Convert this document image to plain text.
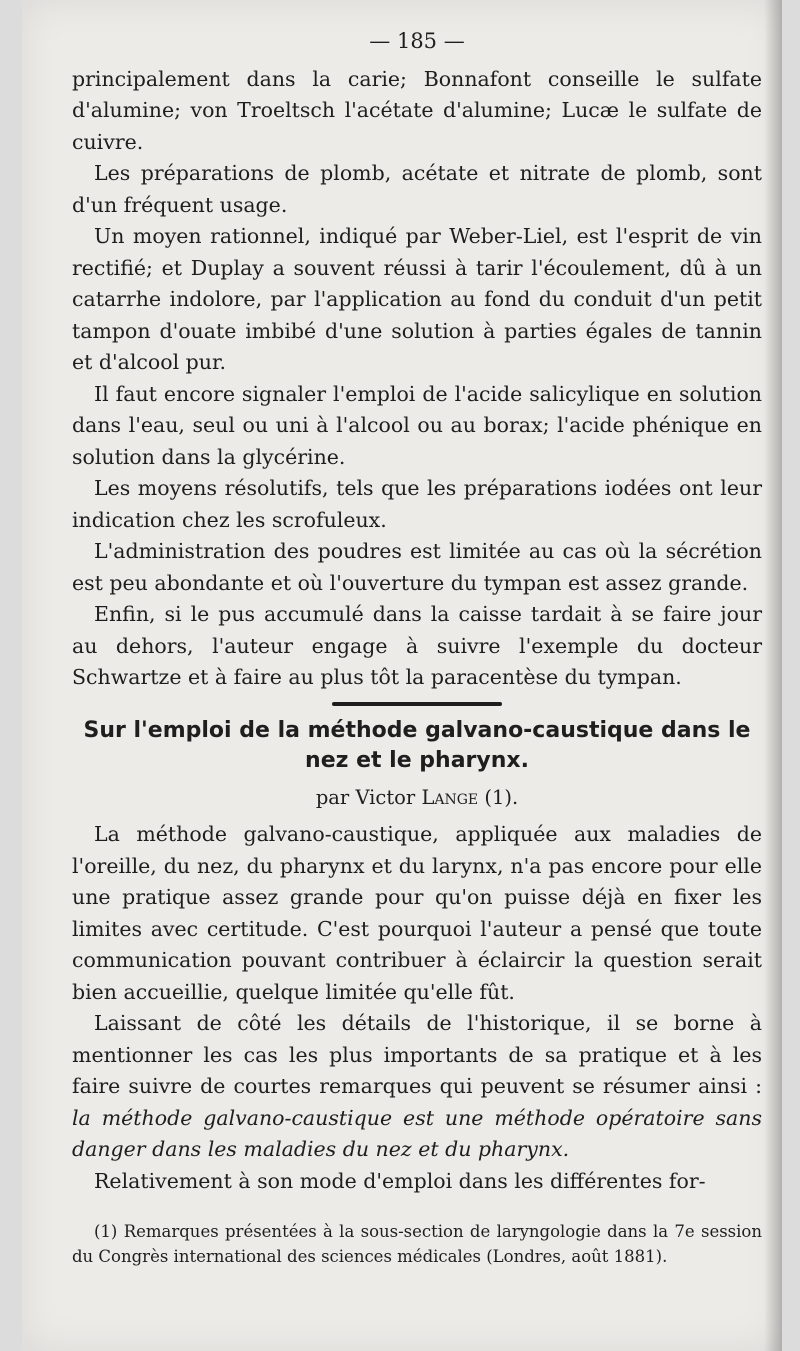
— 185 —

principalement dans la carie; Bonnafont conseille le sulfate d'alumine; von Troeltsch l'acétate d'alumine; Lucæ le sulfate de cuivre.

Les préparations de plomb, acétate et nitrate de plomb, sont d'un fréquent usage.

Un moyen rationnel, indiqué par Weber-Liel, est l'esprit de vin rectifié; et Duplay a souvent réussi à tarir l'écoulement, dû à un catarrhe indolore, par l'application au fond du conduit d'un petit tampon d'ouate imbibé d'une solution à parties égales de tannin et d'alcool pur.

Il faut encore signaler l'emploi de l'acide salicylique en solution dans l'eau, seul ou uni à l'alcool ou au borax; l'acide phénique en solution dans la glycérine.

Les moyens résolutifs, tels que les préparations iodées ont leur indication chez les scrofuleux.

L'administration des poudres est limitée au cas où la sécrétion est peu abondante et où l'ouverture du tympan est assez grande.

Enfin, si le pus accumulé dans la caisse tardait à se faire jour au dehors, l'auteur engage à suivre l'exemple du docteur Schwartze et à faire au plus tôt la paracentèse du tympan.

Sur l'emploi de la méthode galvano-caustique dans le nez et le pharynx.
par Victor Lange (1).

La méthode galvano-caustique, appliquée aux maladies de l'oreille, du nez, du pharynx et du larynx, n'a pas encore pour elle une pratique assez grande pour qu'on puisse déjà en fixer les limites avec certitude. C'est pourquoi l'auteur a pensé que toute communication pouvant contribuer à éclaircir la question serait bien accueillie, quelque limitée qu'elle fût.

Laissant de côté les détails de l'historique, il se borne à mentionner les cas les plus importants de sa pratique et à les faire suivre de courtes remarques qui peuvent se résumer ainsi : la méthode galvano-caustique est une méthode opératoire sans danger dans les maladies du nez et du pharynx.

Relativement à son mode d'emploi dans les différentes for-

(1) Remarques présentées à la sous-section de laryngologie dans la 7e session du Congrès international des sciences médicales (Londres, août 1881).
